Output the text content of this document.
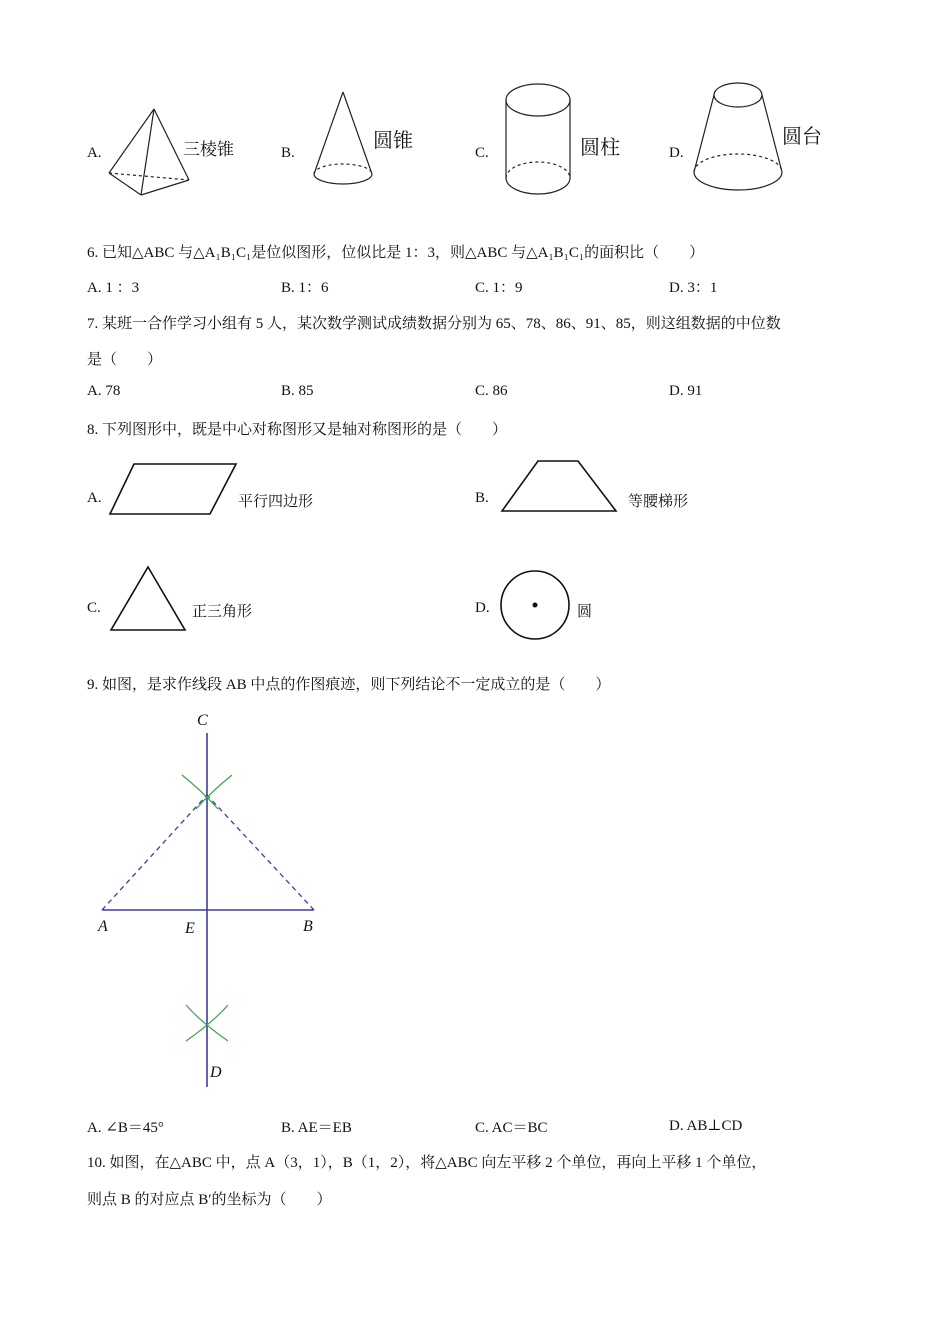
A.	三棱锥	B.
圆锥
C.	圆柱	D.
圆台
6. 已知△ABC 与△A₁B₁C₁是位似图形，位似比是 1：3，则△ABC 与△A₁B₁C₁的面积比（　　）
A. 1 ：3	B. 1：6	C. 1：9	D. 3：1
7. 某班一合作学习小组有 5 人，某次数学测试成绩数据分别为 65、78、86、91、85，则这组数据的中位数
是（　　）
A. 78	B. 85	C. 86	D. 91
8. 下列图形中，既是中心对称图形又是轴对称图形的是（　　）
A.	平行四边形	B.	等腰梯形
C.	正三角形	D.	圆
9. 如图，是求作线段 AB 中点的作图痕迹，则下列结论不一定成立的是（　　）
C
A	E	B
D
A. ∠B＝45°	B. AE＝EB	C. AC＝BC	D. AB⊥CD
10. 如图，在△ABC 中，点 A（3，1），B（1，2），将△ABC 向左平移 2 个单位，再向上平移 1 个单位，
则点 B 的对应点 B′的坐标为（　　）
